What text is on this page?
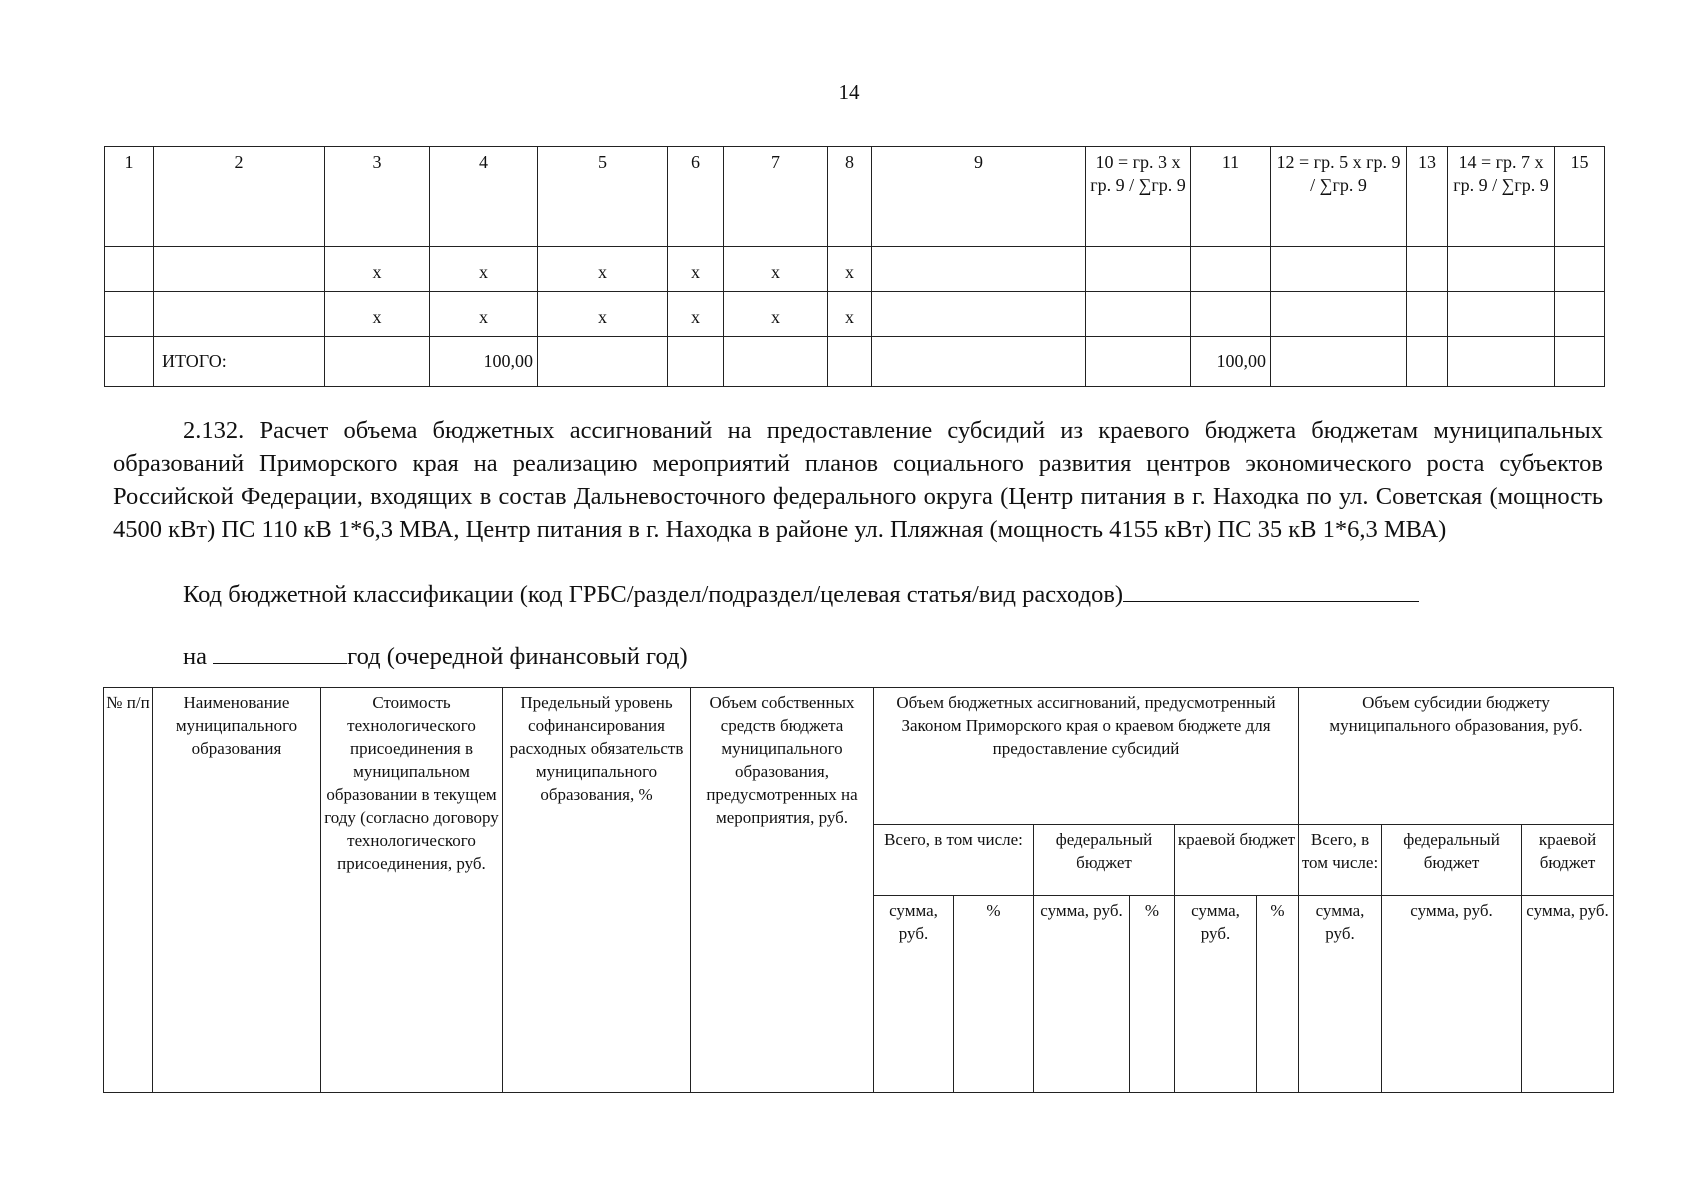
14
1	2	3	4	5	6	7	8	9	10 = гр. 3 х гр. 9 / ∑гр. 9	11	12 = гр. 5 х гр. 9 / ∑гр. 9	13	14 = гр. 7 х гр. 9 / ∑гр. 9	15
		х	х	х	х	х	х							
		х	х	х	х	х	х							
	ИТОГО:		100,00							100,00				
2.132. Расчет объема бюджетных ассигнований на предоставление субсидий из краевого бюджета бюджетам муниципальных образований Приморского края на реализацию мероприятий планов социального развития центров экономического роста субъектов Российской Федерации, входящих в состав Дальневосточного федерального округа (Центр питания в г. Находка по ул. Советская (мощность 4500 кВт) ПС 110 кВ 1*6,3 МВА, Центр питания в г. Находка в районе ул. Пляжная (мощность 4155 кВт) ПС 35 кВ 1*6,3 МВА)
Код бюджетной классификации (код ГРБС/раздел/подраздел/целевая статья/вид расходов)
на	год (очередной финансовый год)
№ п/п	Наименование муниципального образования	Стоимость технологического присоединения в муниципальном образовании в текущем году (согласно договору технологического присоединения, руб.	Предельный уровень софинансирования расходных обязательств муниципального образования, %	Объем собственных средств бюджета муниципального образования, предусмотренных на мероприятия, руб.	Объем бюджетных ассигнований, предусмотренный Законом Приморского края о краевом бюджете для предоставление субсидий						Объем субсидии бюджету муниципального образования, руб.		
					Всего, в том числе:		федеральный бюджет		краевой бюджет		Всего, в том числе:	федеральный бюджет	краевой бюджет
					сумма, руб.	%	сумма, руб.	%	сумма, руб.	%	сумма, руб.	сумма, руб.	сумма, руб.
